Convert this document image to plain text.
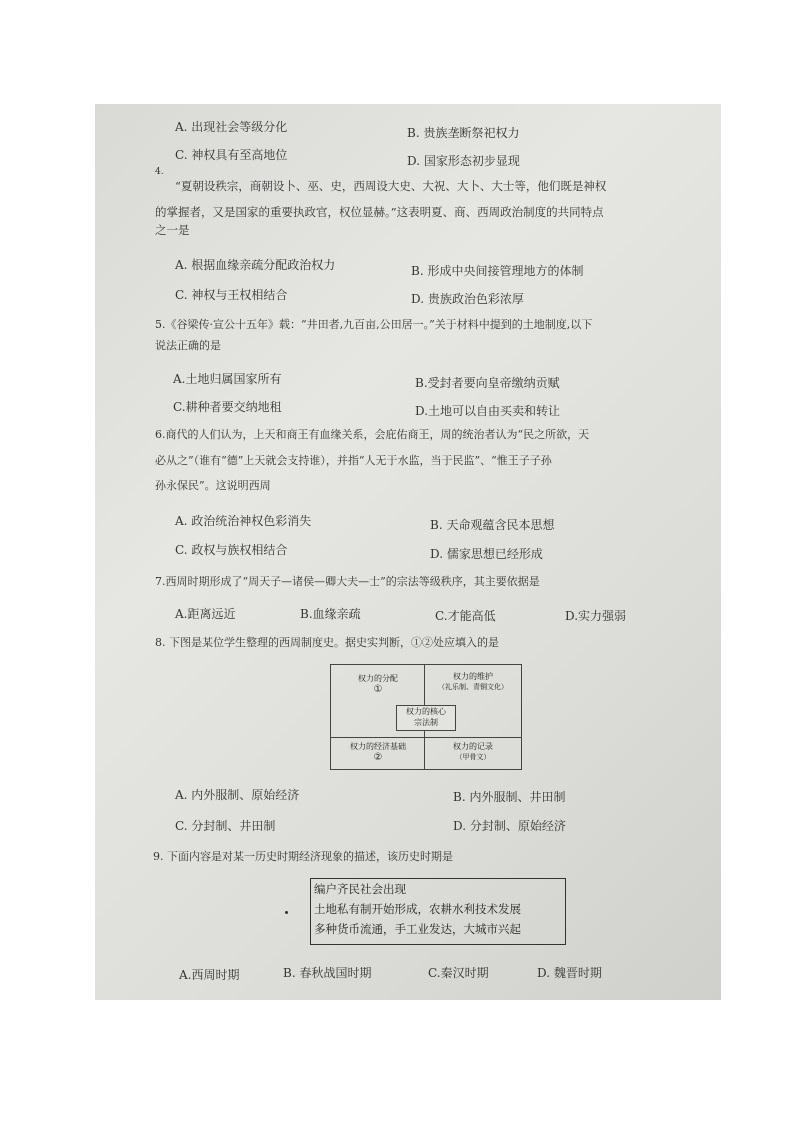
A. 出现社会等级分化	B. 贵族垄断祭祀权力
C. 神权具有至高地位	D. 国家形态初步显现
4.
“夏朝设秩宗，商朝设卜、巫、史，西周设大史、大祝、大卜、大士等，他们既是神权
的掌握者，又是国家的重要执政官，权位显赫。”这表明夏、商、西周政治制度的共同特点
之一是
A. 根据血缘亲疏分配政治权力	B. 形成中央间接管理地方的体制
C. 神权与王权相结合	D. 贵族政治色彩浓厚
5.《谷梁传·宣公十五年》载：“井田者,九百亩,公田居一。”关于材料中提到的土地制度,以下
说法正确的是
A.土地归属国家所有	B.受封者要向皇帝缴纳贡赋
C.耕种者要交纳地租	D.土地可以自由买卖和转让
6.商代的人们认为，上天和商王有血缘关系，会庇佑商王，周的统治者认为“民之所欲，天
必从之”（谁有“德”上天就会支持谁），并指“人无于水监，当于民监”、“惟王子子孙
孙永保民”。这说明西周
A. 政治统治神权色彩消失	B. 天命观蕴含民本思想
C. 政权与族权相结合	D. 儒家思想已经形成
7.西周时期形成了“周天子—诸侯—卿大夫—士”的宗法等级秩序，其主要依据是
A.距离远近	B.血缘亲疏	C.才能高低	D.实力强弱
8. 下图是某位学生整理的西周制度史。据史实判断，①②处应填入的是
权力的分配
①
权力的维护
（礼乐制、青铜文化）
权力的核心
宗法制
权力的经济基础
②
权力的记录
（甲骨文）
A. 内外服制、原始经济	B. 内外服制、井田制
C. 分封制、井田制	D. 分封制、原始经济
9. 下面内容是对某一历史时期经济现象的描述，该历史时期是
编户齐民社会出现
土地私有制开始形成，农耕水利技术发展
多种货币流通，手工业发达，大城市兴起
A.西周时期	B. 春秋战国时期	C.秦汉时期	D. 魏晋时期
